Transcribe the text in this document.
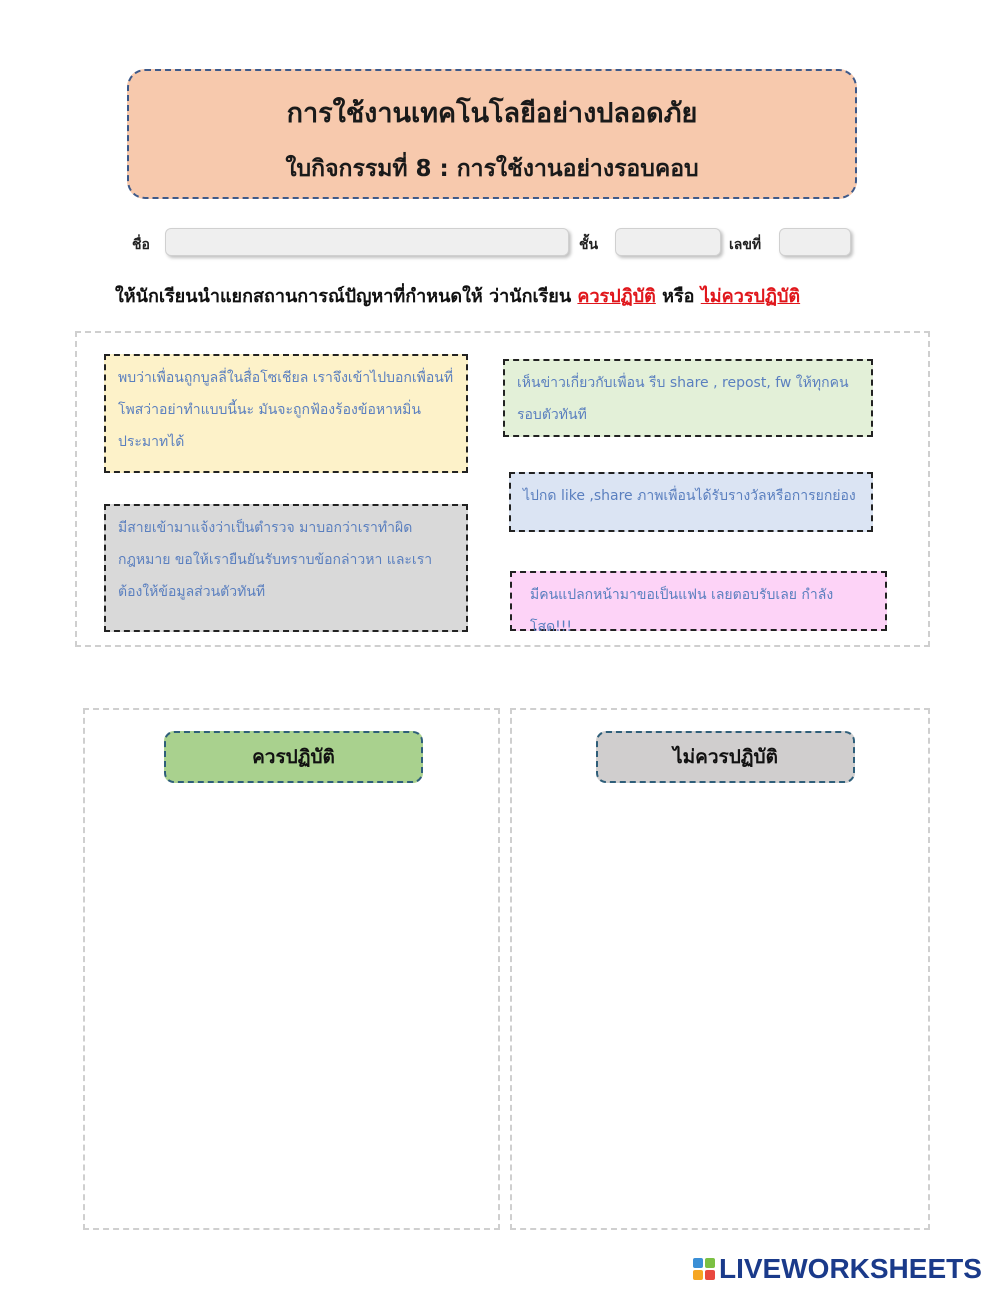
การใช้งานเทคโนโลยีอย่างปลอดภัย
ใบกิจกรรมที่ 8 : การใช้งานอย่างรอบคอบ
ชื่อ	ชั้น	เลขที่
ให้นักเรียนนำแยกสถานการณ์ปัญหาที่กำหนดให้ ว่านักเรียน ควรปฏิบัติ หรือ ไม่ควรปฏิบัติ
พบว่าเพื่อนถูกบูลลี่ในสื่อโซเชียล เราจึงเข้าไปบอกเพื่อนที่โพสว่าอย่าทำแบบนี้นะ มันจะถูกฟ้องร้องข้อหาหมิ่นประมาทได้
เห็นข่าวเกี่ยวกับเพื่อน รีบ share , repost, fw ให้ทุกคนรอบตัวทันที
ไปกด like ,share ภาพเพื่อนได้รับรางวัลหรือการยกย่อง
มีสายเข้ามาแจ้งว่าเป็นตำรวจ มาบอกว่าเราทำผิดกฎหมาย ขอให้เรายืนยันรับทราบข้อกล่าวหา และเราต้องให้ข้อมูลส่วนตัวทันที	มีคนแปลกหน้ามาขอเป็นแฟน เลยตอบรับเลย กำลังโสด!!!
ควรปฏิบัติ	ไม่ควรปฏิบัติ
LIVEWORKSHEETS
